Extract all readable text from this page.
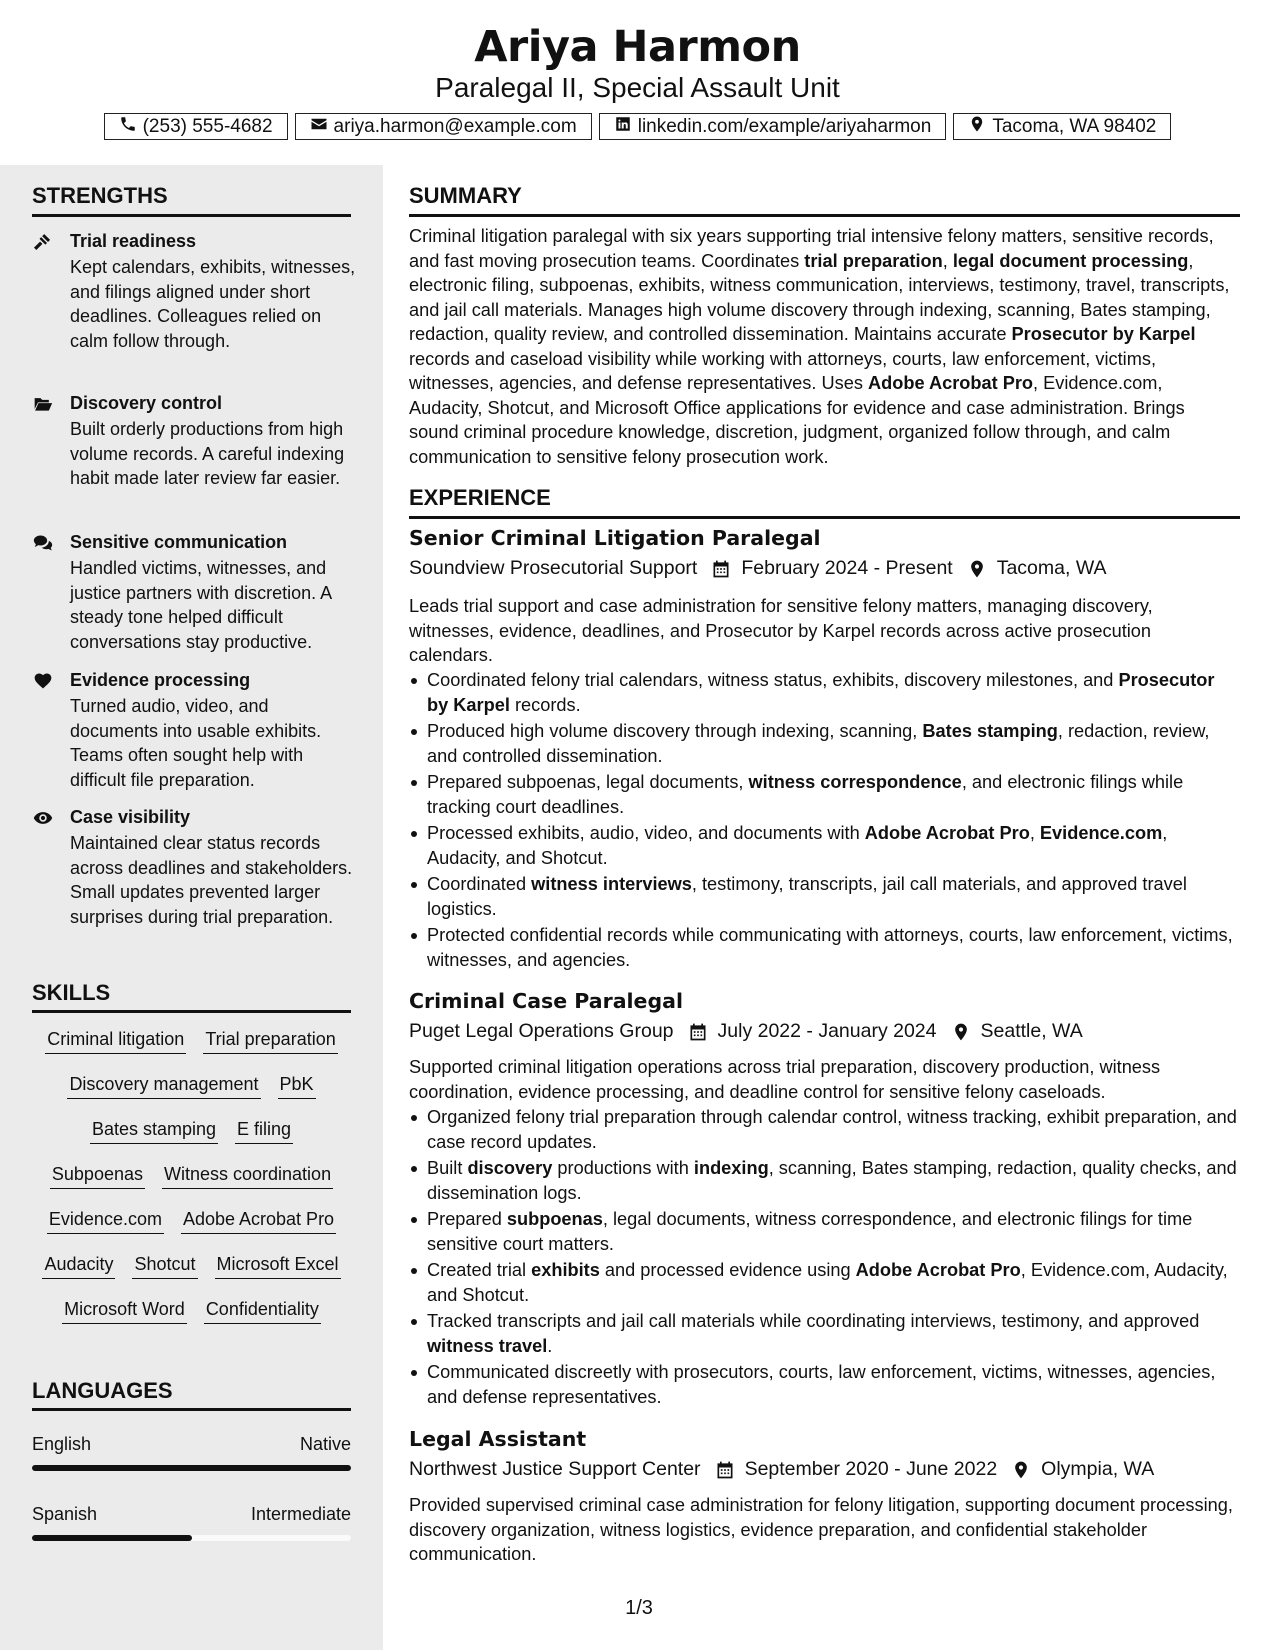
Ariya Harmon
Paralegal II, Special Assault Unit
(253) 555-4682	ariya.harmon@example.com	linkedin.com/example/ariyaharmon	Tacoma, WA 98402
STRENGTHS
Trial readiness
Kept calendars, exhibits, witnesses, and filings aligned under short deadlines. Colleagues relied on calm follow through.
Discovery control
Built orderly productions from high volume records. A careful indexing habit made later review far easier.
Sensitive communication
Handled victims, witnesses, and justice partners with discretion. A steady tone helped difficult conversations stay productive.
Evidence processing
Turned audio, video, and documents into usable exhibits. Teams often sought help with difficult file preparation.
Case visibility
Maintained clear status records across deadlines and stakeholders. Small updates prevented larger surprises during trial preparation.
SKILLS
Criminal litigation Trial preparation
Discovery management PbK
Bates stamping E filing
Subpoenas Witness coordination
Evidence.com Adobe Acrobat Pro
Audacity Shotcut Microsoft Excel
Microsoft Word Confidentiality
LANGUAGES
English	Native
Spanish	Intermediate
SUMMARY
Criminal litigation paralegal with six years supporting trial intensive felony matters, sensitive records, and fast moving prosecution teams. Coordinates trial preparation, legal document processing, electronic filing, subpoenas, exhibits, witness communication, interviews, testimony, travel, transcripts, and jail call materials. Manages high volume discovery through indexing, scanning, Bates stamping, redaction, quality review, and controlled dissemination. Maintains accurate Prosecutor by Karpel records and caseload visibility while working with attorneys, courts, law enforcement, victims, witnesses, agencies, and defense representatives. Uses Adobe Acrobat Pro, Evidence.com, Audacity, Shotcut, and Microsoft Office applications for evidence and case administration. Brings sound criminal procedure knowledge, discretion, judgment, organized follow through, and calm communication to sensitive felony prosecution work.
EXPERIENCE
Senior Criminal Litigation Paralegal
Soundview Prosecutorial Support February 2024 - Present Tacoma, WA
Leads trial support and case administration for sensitive felony matters, managing discovery, witnesses, evidence, deadlines, and Prosecutor by Karpel records across active prosecution calendars.
Coordinated felony trial calendars, witness status, exhibits, discovery milestones, and Prosecutor by Karpel records.
Produced high volume discovery through indexing, scanning, Bates stamping, redaction, review, and controlled dissemination.
Prepared subpoenas, legal documents, witness correspondence, and electronic filings while tracking court deadlines.
Processed exhibits, audio, video, and documents with Adobe Acrobat Pro, Evidence.com, Audacity, and Shotcut.
Coordinated witness interviews, testimony, transcripts, jail call materials, and approved travel logistics.
Protected confidential records while communicating with attorneys, courts, law enforcement, victims, witnesses, and agencies.
Criminal Case Paralegal
Puget Legal Operations Group July 2022 - January 2024 Seattle, WA
Supported criminal litigation operations across trial preparation, discovery production, witness coordination, evidence processing, and deadline control for sensitive felony caseloads.
Organized felony trial preparation through calendar control, witness tracking, exhibit preparation, and case record updates.
Built discovery productions with indexing, scanning, Bates stamping, redaction, quality checks, and dissemination logs.
Prepared subpoenas, legal documents, witness correspondence, and electronic filings for time sensitive court matters.
Created trial exhibits and processed evidence using Adobe Acrobat Pro, Evidence.com, Audacity, and Shotcut.
Tracked transcripts and jail call materials while coordinating interviews, testimony, and approved witness travel.
Communicated discreetly with prosecutors, courts, law enforcement, victims, witnesses, agencies, and defense representatives.
Legal Assistant
Northwest Justice Support Center September 2020 - June 2022 Olympia, WA
Provided supervised criminal case administration for felony litigation, supporting document processing, discovery organization, witness logistics, evidence preparation, and confidential stakeholder communication.
1/3
